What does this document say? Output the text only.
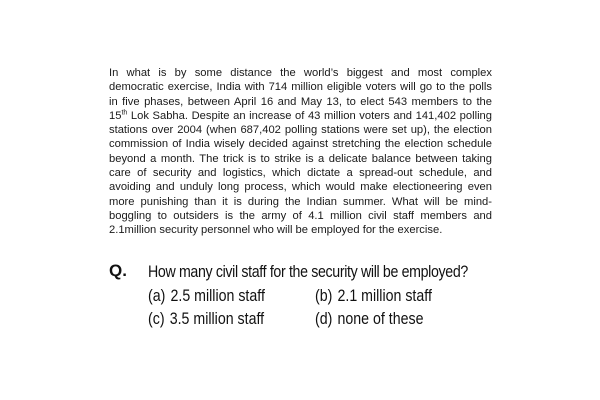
In what is by some distance the world’s biggest and most complex democratic exercise, India with 714 million eligible voters will go to the polls in five phases, between April 16 and May 13, to elect 543 members to the 15th Lok Sabha. Despite an increase of 43 million voters and 141,402 polling stations over 2004 (when 687,402 polling stations were set up), the election commission of India wisely decided against stretching the election schedule beyond a month. The trick is to strike is a delicate balance between taking care of security and logistics, which dictate a spread-out schedule, and avoiding and unduly long process, which would make electioneering even more punishing than it is during the Indian summer. What will be mind-boggling to outsiders is the army of 4.1 million civil staff members and 2.1million security personnel who will be employed for the exercise.

Q. How many civil staff for the security will be employed?
(a) 2.5 million staff	(b) 2.1 million staff
(c) 3.5 million staff	(d) none of these
